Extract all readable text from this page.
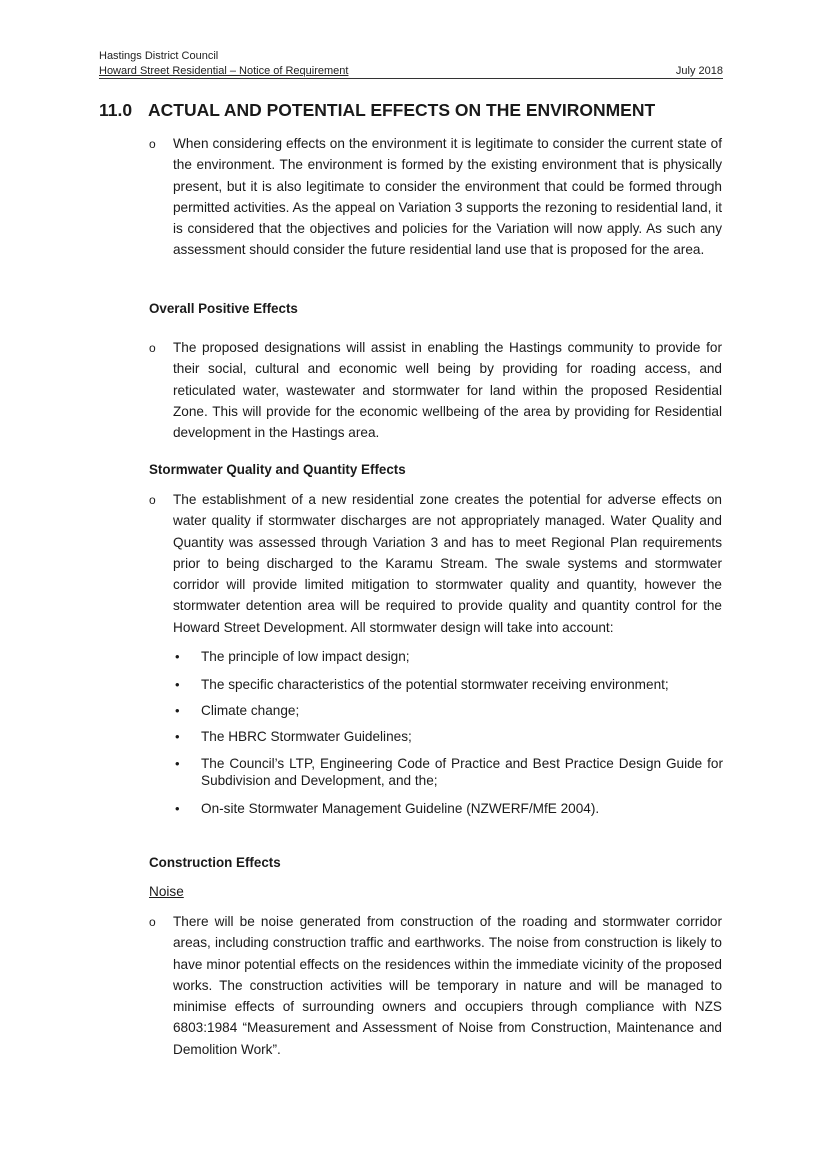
Hastings District Council
Howard Street Residential – Notice of Requirement	July 2018
11.0 ACTUAL AND POTENTIAL EFFECTS ON THE ENVIRONMENT
o When considering effects on the environment it is legitimate to consider the current state of the environment. The environment is formed by the existing environment that is physically present, but it is also legitimate to consider the environment that could be formed through permitted activities. As the appeal on Variation 3 supports the rezoning to residential land, it is considered that the objectives and policies for the Variation will now apply. As such any assessment should consider the future residential land use that is proposed for the area.
Overall Positive Effects
o The proposed designations will assist in enabling the Hastings community to provide for their social, cultural and economic well being by providing for roading access, and reticulated water, wastewater and stormwater for land within the proposed Residential Zone. This will provide for the economic wellbeing of the area by providing for Residential development in the Hastings area.
Stormwater Quality and Quantity Effects
o The establishment of a new residential zone creates the potential for adverse effects on water quality if stormwater discharges are not appropriately managed. Water Quality and Quantity was assessed through Variation 3 and has to meet Regional Plan requirements prior to being discharged to the Karamu Stream. The swale systems and stormwater corridor will provide limited mitigation to stormwater quality and quantity, however the stormwater detention area will be required to provide quality and quantity control for the Howard Street Development. All stormwater design will take into account:
• The principle of low impact design;
• The specific characteristics of the potential stormwater receiving environment;
• Climate change;
• The HBRC Stormwater Guidelines;
• The Council’s LTP, Engineering Code of Practice and Best Practice Design Guide for Subdivision and Development, and the;
• On-site Stormwater Management Guideline (NZWERF/MfE 2004).
Construction Effects
Noise
o There will be noise generated from construction of the roading and stormwater corridor areas, including construction traffic and earthworks. The noise from construction is likely to have minor potential effects on the residences within the immediate vicinity of the proposed works. The construction activities will be temporary in nature and will be managed to minimise effects of surrounding owners and occupiers through compliance with NZS 6803:1984 “Measurement and Assessment of Noise from Construction, Maintenance and Demolition Work”.
